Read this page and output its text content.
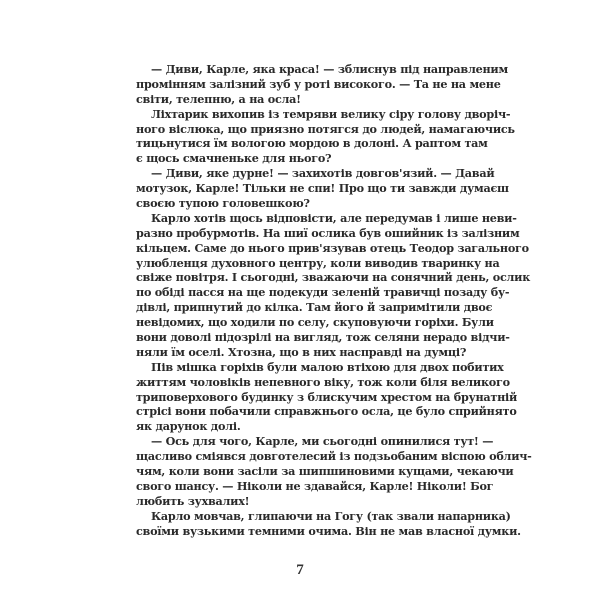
— Диви, Карле, яка краса! — зблиснув під направленим
промінням залізний зуб у роті високого. — Та не на мене
світи, телепню, а на осла!
Ліхтарик вихопив із темряви велику сіру голову дворіч-
ного віслюка, що приязно потягся до людей, намагаючись
тицьнутися їм вологою мордою в долоні. А раптом там
є щось смачненьке для нього?
— Диви, яке дурне! — захихотів довгов'язий. — Давай
мотузок, Карле! Тільки не спи! Про що ти завжди думаєш
своєю тупою головешкою?
Карло хотів щось відповісти, але передумав і лише неви-
разно пробурмотів. На шиї ослика був ошийник із залізним
кільцем. Саме до нього прив'язував отець Теодор загального
улюбленця духовного центру, коли виводив тваринку на
свіже повітря. І сьогодні, зважаючи на сонячний день, ослик
по обіді пасся на ще подекуди зеленій травичці позаду бу-
дівлі, припнутий до кілка. Там його й запримітили двоє
невідомих, що ходили по селу, скуповуючи горіхи. Були
вони доволі підозрілі на вигляд, тож селяни нерадо відчи-
няли їм оселі. Хтозна, що в них насправді на думці?
Пів мішка горіхів були малою втіхою для двох побитих
життям чоловіків непевного віку, тож коли біля великого
триповерхового будинку з блискучим хрестом на брунатній
стрісі вони побачили справжнього осла, це було сприйнято
як дарунок долі.
— Ось для чого, Карле, ми сьогодні опинилися тут! —
щасливо сміявся довготелесий із подзьобаним віспою облич-
чям, коли вони засіли за шипшиновими кущами, чекаючи
свого шансу. — Ніколи не здавайся, Карле! Ніколи! Бог
любить зухвалих!
Карло мовчав, глипаючи на Гогу (так звали напарника)
своїми вузькими темними очима. Він не мав власної думки.
7
